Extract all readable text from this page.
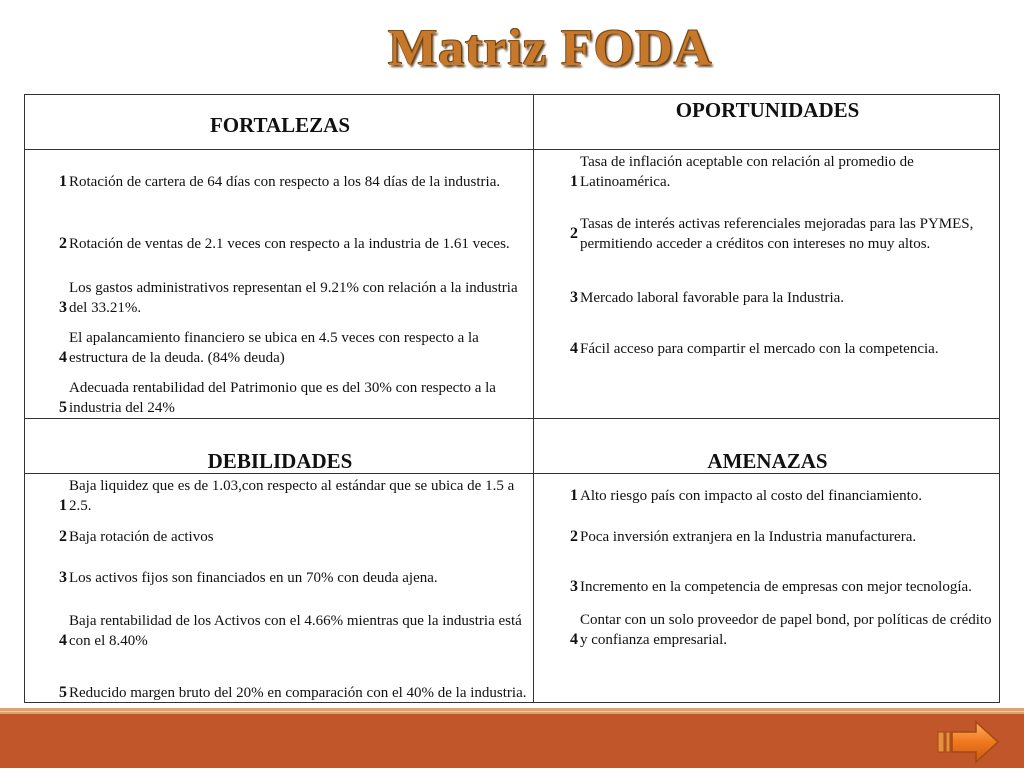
Matriz FODA
FORTALEZAS
OPORTUNIDADES
1 Rotación de cartera de 64 días con respecto a los 84 días de la industria.
2 Rotación de ventas de 2.1 veces con respecto a la industria de 1.61 veces.
3
Los gastos administrativos representan el 9.21% con relación a la industria del 33.21%.
4
El apalancamiento financiero se ubica en 4.5 veces con respecto a la estructura de la deuda. (84% deuda)
5
Adecuada rentabilidad del Patrimonio que es del 30% con respecto a la industria del 24%
1
Tasa de inflación aceptable con relación al promedio de Latinoamérica.
2
Tasas de interés activas referenciales mejoradas para las PYMES, permitiendo acceder a créditos con intereses no muy altos.
3 Mercado laboral favorable para la Industria.
4 Fácil acceso para compartir el mercado con la competencia.
DEBILIDADES	AMENAZAS
1
Baja liquidez que es de 1.03,con respecto al estándar que se ubica de 1.5 a 2.5.
2 Baja rotación de activos
3 Los activos fijos son financiados en un 70% con deuda ajena.
4
Baja rentabilidad de los Activos con el 4.66% mientras que la industria está con el 8.40%
5 Reducido margen bruto del 20% en comparación con el 40% de la industria.
1 Alto riesgo país con impacto al costo del financiamiento.
2 Poca inversión extranjera en la Industria manufacturera.
3 Incremento en la competencia de empresas con mejor tecnología.
4
Contar con un solo proveedor de papel bond, por políticas de crédito y confianza empresarial.
